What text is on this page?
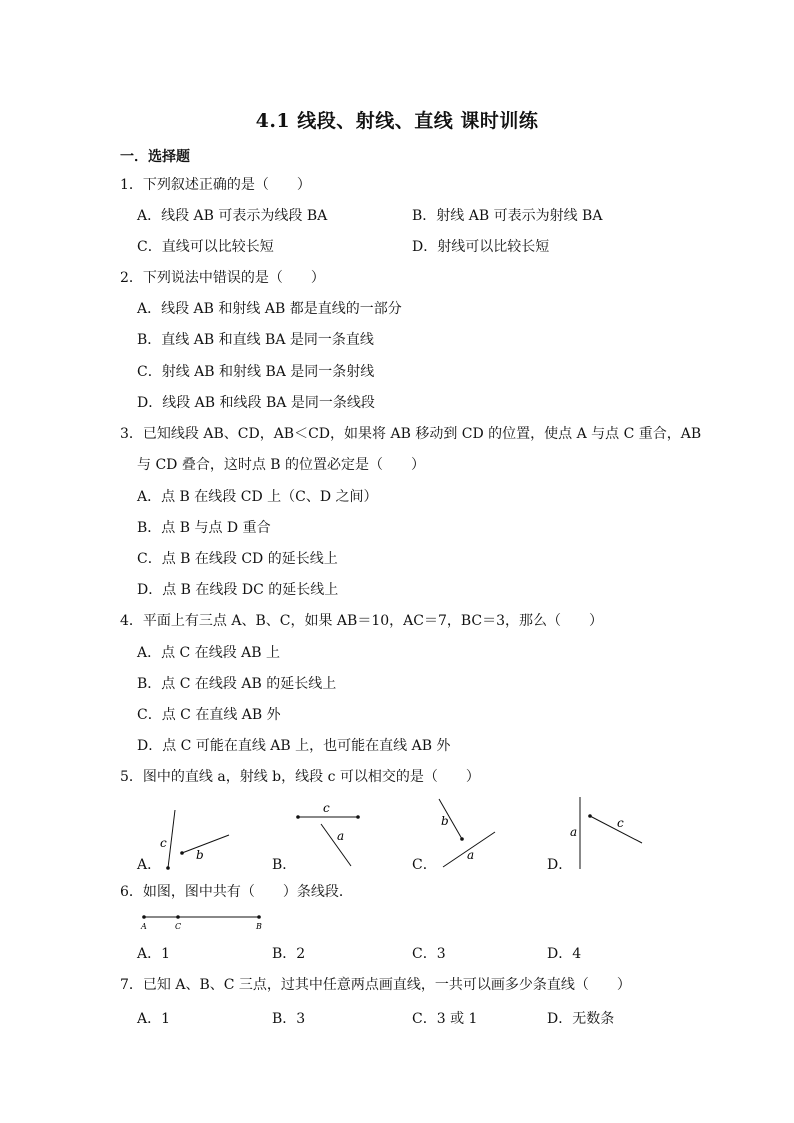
4.1 线段、射线、直线 课时训练
一．选择题
1．下列叙述正确的是（　　）
A．线段 AB 可表示为线段 BA	B．射线 AB 可表示为射线 BA
C．直线可以比较长短	D．射线可以比较长短
2．下列说法中错误的是（　　）
A．线段 AB 和射线 AB 都是直线的一部分
B．直线 AB 和直线 BA 是同一条直线
C．射线 AB 和射线 BA 是同一条射线
D．线段 AB 和线段 BA 是同一条线段
3．已知线段 AB、CD，AB＜CD，如果将 AB 移动到 CD 的位置，使点 A 与点 C 重合，AB
与 CD 叠合，这时点 B 的位置必定是（　　）
A．点 B 在线段 CD 上（C、D 之间）
B．点 B 与点 D 重合
C．点 B 在线段 CD 的延长线上
D．点 B 在线段 DC 的延长线上
4．平面上有三点 A、B、C，如果 AB＝10，AC＝7，BC＝3，那么（　　）
A．点 C 在线段 AB 上
B．点 C 在线段 AB 的延长线上
C．点 C 在直线 AB 外
D．点 C 可能在直线 AB 上，也可能在直线 AB 外
5．图中的直线 a，射线 b，线段 c 可以相交的是（　　）
c
b
c
a
b
a
a
c
A．	B．	C．	D．
6．如图，图中共有（　　）条线段．
A	C	B
A．1	B．2	C．3	D．4
7．已知 A、B、C 三点，过其中任意两点画直线，一共可以画多少条直线（　　）
A．1	B．3	C．3 或 1	D．无数条
